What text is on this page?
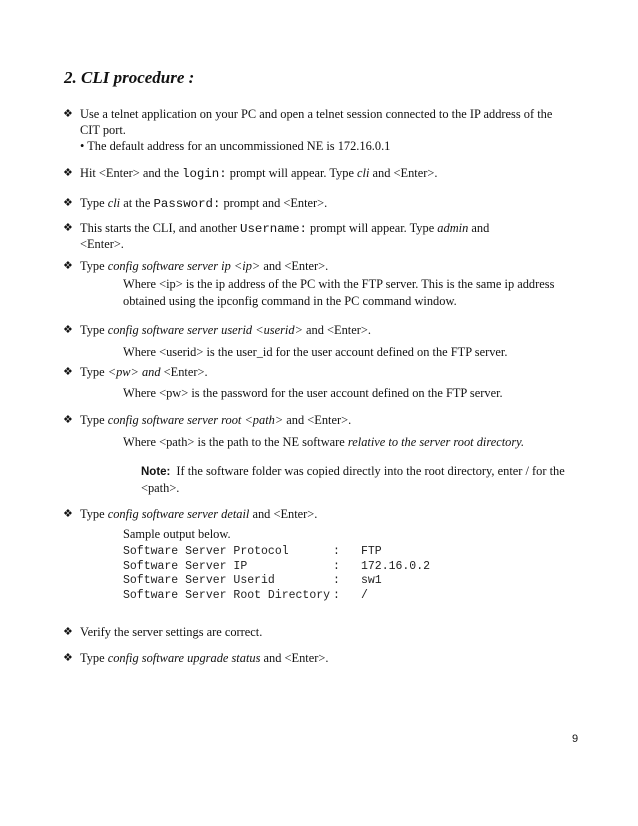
2. CLI procedure :
❖ Use a telnet application on your PC and open a telnet session connected to the IP address of the
CIT port.
• The default address for an uncommissioned NE is 172.16.0.1
❖ Hit <Enter> and the login: prompt will appear. Type cli and <Enter>.
❖ Type cli at the Password: prompt and <Enter>.
❖ This starts the CLI, and another Username: prompt will appear. Type admin and
<Enter>.
❖ Type config software server ip <ip> and <Enter>.
Where <ip> is the ip address of the PC with the FTP server. This is the same ip address
obtained using the ipconfig command in the PC command window.
❖ Type config software server userid <userid> and <Enter>.
Where <userid> is the user_id for the user account defined on the FTP server.
❖ Type <pw> and <Enter>.
Where <pw> is the password for the user account defined on the FTP server.
❖ Type config software server root <path> and <Enter>.
Where <path> is the path to the NE software relative to the server root directory.
Note: If the software folder was copied directly into the root directory, enter / for the
<path>.
❖ Type config software server detail and <Enter>.
Sample output below.
Software Server Protocol	:	FTP
Software Server IP	:	172.16.0.2
Software Server Userid	:	sw1
Software Server Root Directory :	/
❖ Verify the server settings are correct.
❖ Type config software upgrade status and <Enter>.
9
